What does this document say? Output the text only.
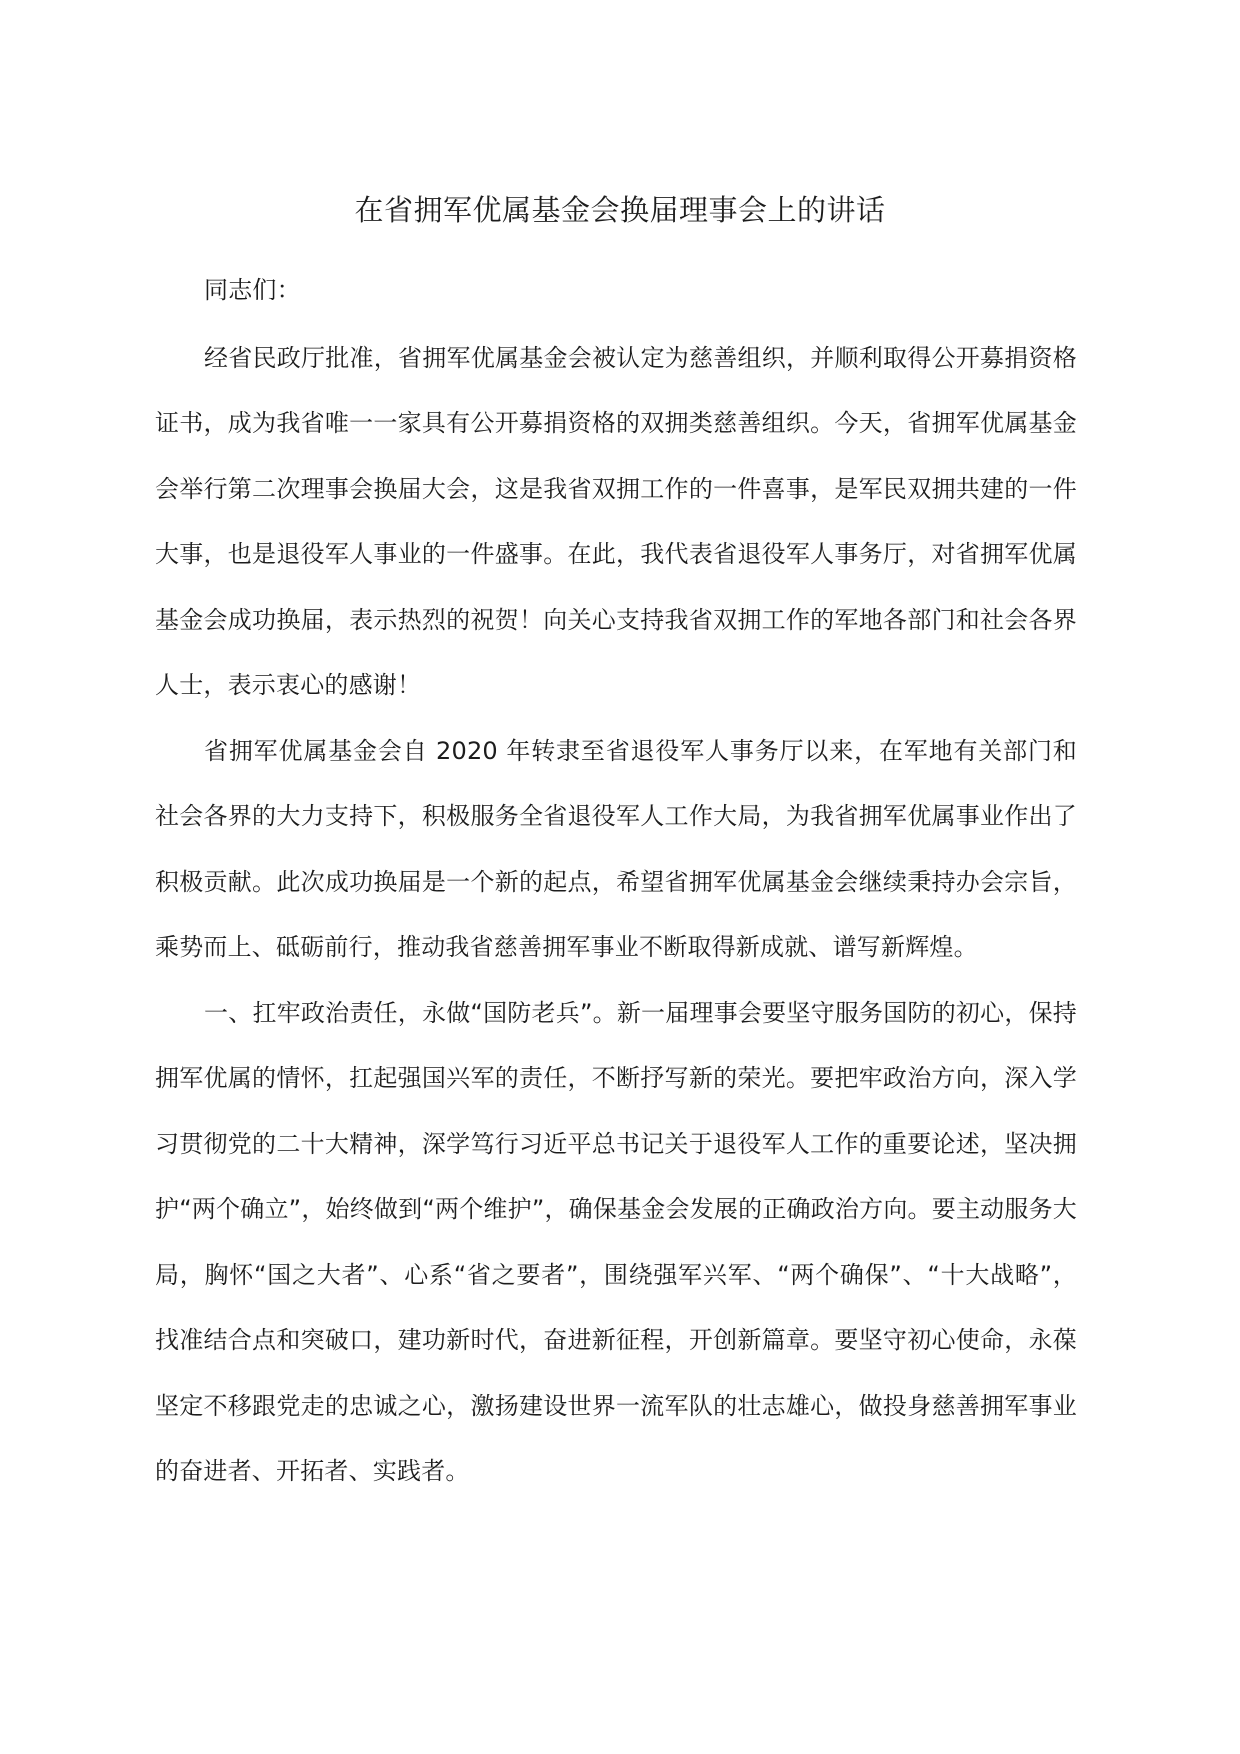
在省拥军优属基金会换届理事会上的讲话

同志们：

经省民政厅批准，省拥军优属基金会被认定为慈善组织，并顺利取得公开募捐资格证书，成为我省唯一一家具有公开募捐资格的双拥类慈善组织。今天，省拥军优属基金会举行第二次理事会换届大会，这是我省双拥工作的一件喜事，是军民双拥共建的一件大事，也是退役军人事业的一件盛事。在此，我代表省退役军人事务厅，对省拥军优属基金会成功换届，表示热烈的祝贺！向关心支持我省双拥工作的军地各部门和社会各界人士，表示衷心的感谢！

省拥军优属基金会自 2020 年转隶至省退役军人事务厅以来，在军地有关部门和社会各界的大力支持下，积极服务全省退役军人工作大局，为我省拥军优属事业作出了积极贡献。此次成功换届是一个新的起点，希望省拥军优属基金会继续秉持办会宗旨，乘势而上、砥砺前行，推动我省慈善拥军事业不断取得新成就、谱写新辉煌。

一、扛牢政治责任，永做“国防老兵”。新一届理事会要坚守服务国防的初心，保持拥军优属的情怀，扛起强国兴军的责任，不断抒写新的荣光。要把牢政治方向，深入学习贯彻党的二十大精神，深学笃行习近平总书记关于退役军人工作的重要论述，坚决拥护“两个确立”，始终做到“两个维护”，确保基金会发展的正确政治方向。要主动服务大局，胸怀“国之大者”、心系“省之要者”，围绕强军兴军、“两个确保”、“十大战略”，找准结合点和突破口，建功新时代，奋进新征程，开创新篇章。要坚守初心使命，永葆坚定不移跟党走的忠诚之心，激扬建设世界一流军队的壮志雄心，做投身慈善拥军事业的奋进者、开拓者、实践者。
